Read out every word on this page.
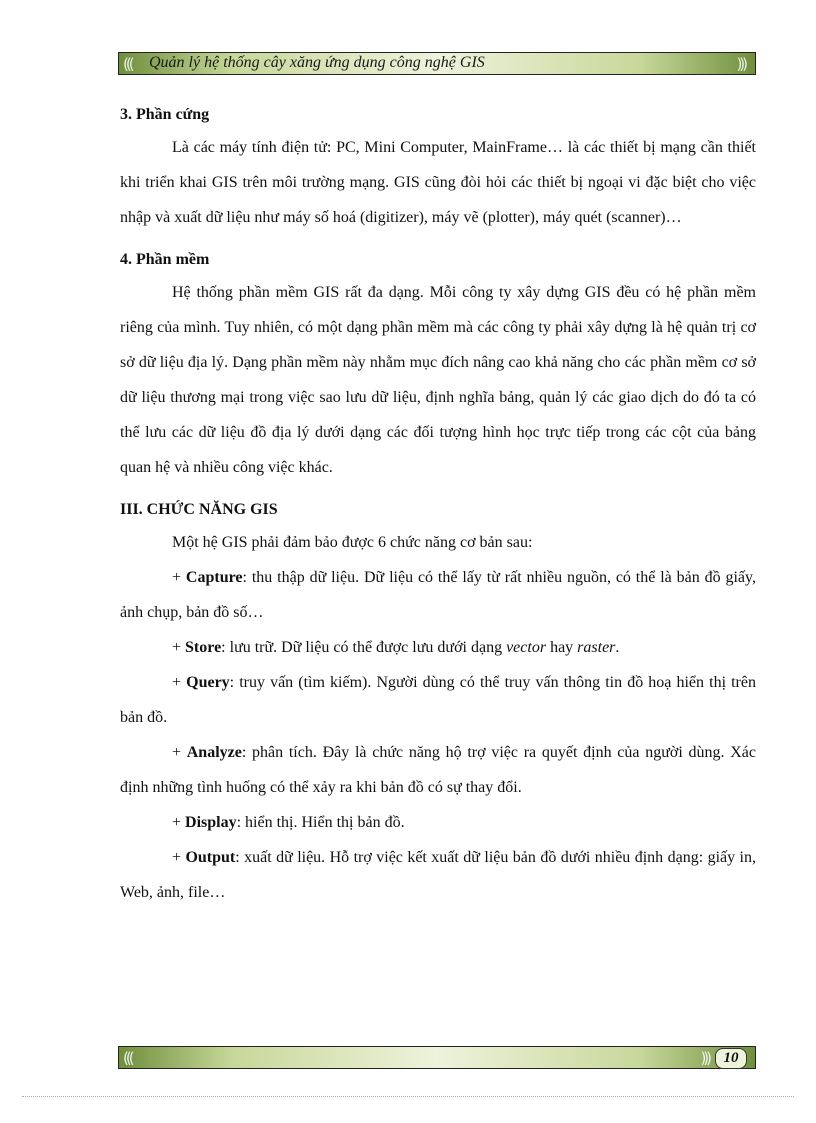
((( Quản lý hệ thống cây xăng ứng dụng công nghệ GIS	)))

3. Phần cứng

Là các máy tính điện tử: PC, Mini Computer, MainFrame… là các thiết bị mạng cần thiết khi triển khai GIS trên môi trường mạng. GIS cũng đòi hỏi các thiết bị ngoại vi đặc biệt cho việc nhập và xuất dữ liệu như máy số hoá (digitizer), máy vẽ (plotter), máy quét (scanner)…

4. Phần mềm

Hệ thống phần mềm GIS rất đa dạng. Mỗi công ty xây dựng GIS đều có hệ phần mềm riêng của mình. Tuy nhiên, có một dạng phần mềm mà các công ty phải xây dựng là hệ quản trị cơ sở dữ liệu địa lý. Dạng phần mềm này nhằm mục đích nâng cao khả năng cho các phần mềm cơ sở dữ liệu thương mại trong việc sao lưu dữ liệu, định nghĩa bảng, quản lý các giao dịch do đó ta có thể lưu các dữ liệu đồ địa lý dưới dạng các đối tượng hình học trực tiếp trong các cột của bảng quan hệ và nhiều công việc khác.

III. CHỨC NĂNG GIS

Một hệ GIS phải đảm bảo được 6 chức năng cơ bản sau:

+ Capture: thu thập dữ liệu. Dữ liệu có thể lấy từ rất nhiều nguồn, có thể là bản đồ giấy, ảnh chụp, bản đồ số…

+ Store: lưu trữ. Dữ liệu có thể được lưu dưới dạng vector hay raster.

+ Query: truy vấn (tìm kiếm). Người dùng có thể truy vấn thông tin đồ hoạ hiển thị trên bản đồ.

+ Analyze: phân tích. Đây là chức năng hộ trợ việc ra quyết định của người dùng. Xác định những tình huống có thể xảy ra khi bản đồ có sự thay đổi.

+ Display: hiển thị. Hiển thị bản đồ.

+ Output: xuất dữ liệu. Hỗ trợ việc kết xuất dữ liệu bản đồ dưới nhiều định dạng: giấy in, Web, ảnh, file…

(((	))) 10
